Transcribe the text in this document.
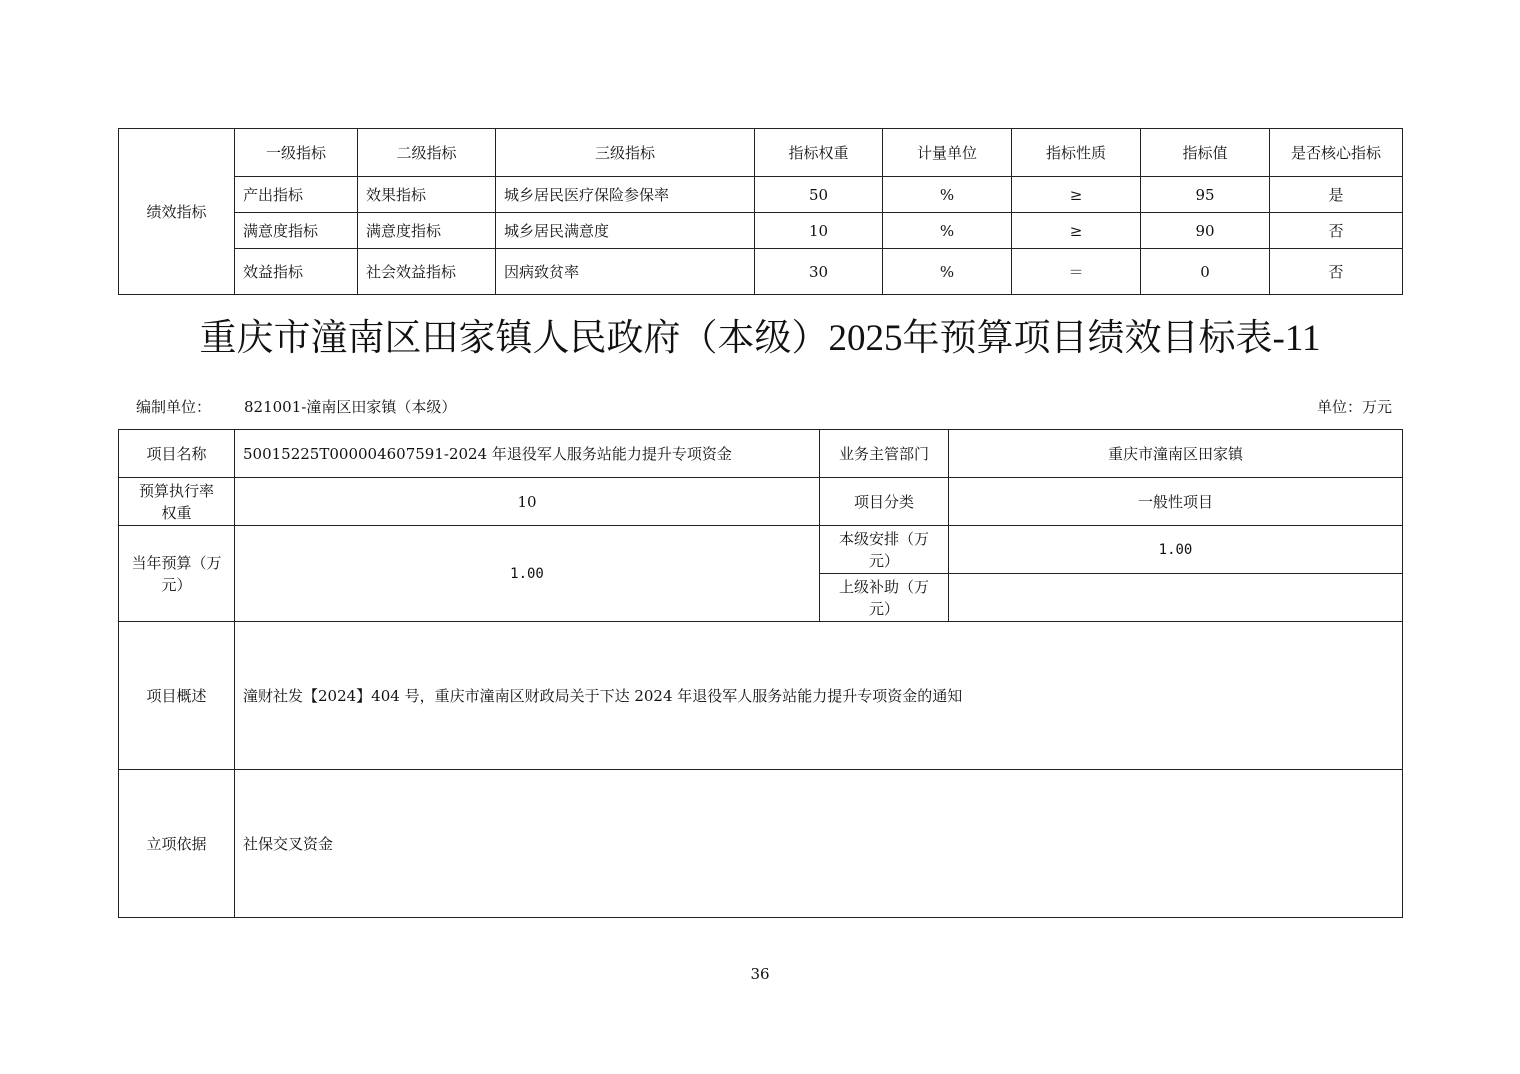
绩效指标	一级指标	二级指标	三级指标	指标权重	计量单位	指标性质	指标值	是否核心指标
	产出指标	效果指标	城乡居民医疗保险参保率	50	%	≥	95	是
	满意度指标	满意度指标	城乡居民满意度	10	%	≥	90	否
	效益指标	社会效益指标	因病致贫率	30	%	＝	0	否
重庆市潼南区田家镇人民政府（本级）2025年预算项目绩效目标表-11
编制单位： 821001-潼南区田家镇（本级）	单位：万元
项目名称	50015225T000004607591-2024 年退役军人服务站能力提升专项资金	业务主管部门	重庆市潼南区田家镇
预算执行率
权重	10	项目分类	一般性项目
当年预算（万
元）	1.00	本级安排（万
元）	1.00
		上级补助（万
元）	
项目概述	潼财社发【2024】404 号，重庆市潼南区财政局关于下达 2024 年退役军人服务站能力提升专项资金的通知		
立项依据	社保交叉资金		
36
